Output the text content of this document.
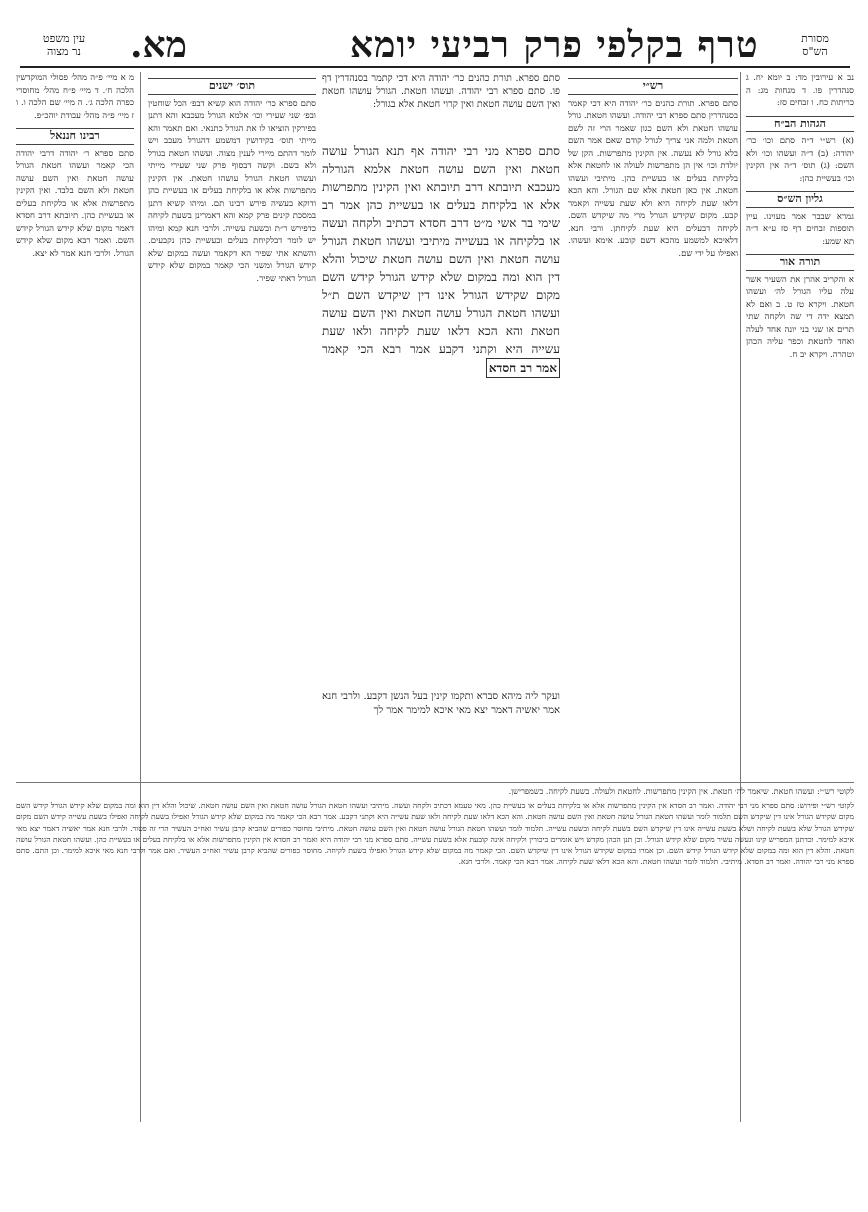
עין משפט
נר מצוה	מא.	טרף בקלפי פרק רביעי יומא	מסורת
הש"ס

מ א מיי׳ פ״ה מהל׳ פסולי המוקדשין הלכה ח׳. ד מיי׳ פ״ח מהל׳ מחוסרי כפרה הלכה ג׳. ה מיי׳ שם הלכה ו. ו ז מיי׳ פ״ה מהל׳ עבודת יוהכ״פ.

רבינו חננאל

סתם ספרא ר׳ יהודה דרבי יהודה הכי קאמר ועשהו חטאת הגורל עושה חטאת ואין השם עושה חטאת ולא השם בלבד. ואין הקינין מתפרשות אלא או בלקיחת בעלים או בעשיית כהן. תיובתא דרב חסדא דאמר מקום שלא קידש הגורל קידש השם. ואמר רבא מקום שלא קידש הגורל. ולרבי חנא אמר לא יצא.

תוס׳ ישנים

סתם ספרא כר׳ יהודה הוא קשיא דבפ׳ הכל שוחטין ובפ׳ שני שעירי וכו׳ אלמא הגורל מעכבא והא דתנן בפירקין הוציאו לו את הגורל כתנאי. ואם תאמר והא מייתי תוס׳ בקידושין דמשמע דהגורל מעכב ויש לומר דהתם מיירי לענין מצוה. ועשהו חטאת בגורל ולא בשם. וקשה דבסוף פרק שני שעירי מייתי ועשהו חטאת הגורל עושהו חטאת. אין הקינין מתפרשות אלא או בלקיחת בעלים או בעשיית כהן ודוקא בעשיה פירש רבינו תם. ומיהו קשיא דתנן במסכת קינים פרק קמא והא דאמרינן בשעת לקיחה כדפירש ר״ת ובשעת עשייה. ולרבי חנא קמא ומיהו יש לומר דבלקיחת בעלים ובעשיית כהן נקבעים. והשתא אתי שפיר הא דקאמר ועשה במקום שלא קידש הגורל ומשני הכי קאמר במקום שלא קידש הגורל דאתי שפיר.

סתם ספרא. תורת כהנים כר׳ יהודה היא דכי קתמר בסנהדרין דף פו. סתם ספרא רבי יהודה. ועשהו חטאת. הגורל עושהו חטאת ואין השם עושה חטאת ואין קרוי חטאת אלא בגורל:

סתם ספרא מני רבי יהודה אף תנא הגורל עושה חטאת ואין השם עושה חטאת אלמא הגורלה מעכבא תיובתא דרב תיובתא ואין הקינין מתפרשות אלא או בלקיחת בעלים או בעשיית כהן אמר רב שימי בר אשי מ״ט דרב חסדא דכתיב ולקחה ועשה או בלקיחה או בעשייה מיתיבי ועשהו חטאת הגורל עושה חטאת ואין השם עושה חטאת שיכול והלא דין הוא ומה במקום שלא קידש הגורל קידש השם מקום שקידש הגורל אינו דין שיקדש השם ת״ל ועשהו חטאת הגורל עושה חטאת ואין השם עושה חטאת והא הכא דלאו שעת לקיחה ולאו שעת עשייה היא וקתני דקבע אמר רבא הכי קאמר אמר רב חסדא

ועקר ליה מיהא סברא ותקמו קינין בעל הנשן דקבע. ולרבי חנא אמר יאשיה דאמר יצא מאי איכא למימר אמר לך
רש״י

סתם ספרא. תורת כהנים כר׳ יהודה היא דכי קאמר בסנהדרין סתם ספרא רבי יהודה. ועשהו חטאת. גורל עושהו חטאת ולא השם כגון שאמר הרי זה לשם חטאת ולמה אני צריך לגורל קודם שאם אמר השם בלא גורל לא נעשה. אין הקינין מתפרשות. הקן של יולדת וכו׳ אין הן מתפרשות לעולה או לחטאת אלא בלקיחת בעלים או בעשיית כהן. מיתיבי ועשהו חטאת. אין כאן חטאת אלא שם הגורל. והא הכא דלאו שעת לקיחה היא ולא שעת עשייה וקאמר קבע. מקום שקידש הגורל מרי מה שיקדש השם. לקיחה דבעלים היא שעת לקיחתן. ורבי חנא. דלאיכא למשמע מהכא דשם קובע. אימא ועשהו. ואפילו על ידי שם.

נב א עירובין מד: ב יומא יח. ג סנהדרין פו. ד מנחות מג: ה כריתות כח. ו זבחים סז:

הגהות הב״ח

(א) רש״י ד״ה סתם וכו׳ כר׳ יהודה: (ב) ד״ה ועשהו וכו׳ ולא השם: (ג) תוס׳ ד״ה אין הקינין וכו׳ בעשיית כהן:

גליון הש״ס

גמרא שבבר אמר מעוינו. עיין תוספות זבחים דף סז ע״א ד״ה תא שמע:

תורה אור

א והקריב אהרן את השעיר אשר עלה עליו הגורל לה׳ ועשהו חטאת. ויקרא טז ט. ב ואם לא תמצא ידה די שה ולקחה שתי תרים או שני בני יונה אחד לעלה ואחד לחטאת וכפר עליה הכהן וטהרה. ויקרא יב ח.

לקוטי רש״י: ועשהו חטאת. שיאמר לה׳ חטאת. אין הקינין מתפרשות. לחטאת ולעולה. בשעת לקיחה. כשמפרישן.
לקוטי רש״י ופירוש: סתם ספרא מני רבי יהודה. ואמר רב חסדא אין הקינין מתפרשות אלא או בלקיחת בעלים או בעשיית כהן. מאי טעמא דכתיב ולקחה ועשה. מיתיבי ועשהו חטאת הגורל עושה חטאת ואין השם עושה חטאת. שיכול והלא דין הוא ומה במקום שלא קידש הגורל קידש השם מקום שקידש הגורל אינו דין שיקדש השם תלמוד לומר ועשהו חטאת הגורל עושה חטאת ואין השם עושה חטאת. והא הכא דלאו שעת לקיחה ולאו שעת עשייה היא וקתני דקבע. אמר רבא הכי קאמר מה במקום שלא קידש הגורל ואפילו בשעת לקיחה ואפילו בשעת עשייה קידש השם מקום שקידש הגורל שלא בשעת לקיחה ושלא בשעת עשייה אינו דין שיקדש השם בשעת לקיחה ובשעת עשייה. תלמוד לומר ועשהו חטאת הגורל עושה חטאת ואין השם עושה חטאת. מיתיבי מחוסר כפורים שהביא קרבן עשיר ואח״כ העשיר הרי זה פטור. ולרבי חנא אמר יאשיה דאמר יצא מאי איכא למימר. וכדתנן המפריש קינו ונעשה עשיר מקום שלא קידש הגורל. וכן תנן הכהן מקדש ויש אומרים ביכורין ולקיחה אינה קובעת אלא בשעת עשייה. סתם ספרא מני רבי יהודה היא ואמר רב חסדא אין הקינין מתפרשות אלא או בלקיחת בעלים או בעשיית כהן. ועשהו חטאת הגורל עושה חטאת. והלא דין הוא ומה במקום שלא קידש הגורל קידש השם. וכן אמרו במקום שקידש הגורל אינו דין שיקדש השם. הכי קאמר מה במקום שלא קידש הגורל ואפילו בשעת לקיחה. מחוסר כפורים שהביא קרבן עשיר ואח״כ העשיר. ואם אמר ולרבי חנא מאי איכא למימר. וכן התם. סתם ספרא מני רבי יהודה. ואמר רב חסדא. מיתיבי. תלמוד לומר ועשהו חטאת. והא הכא דלאו שעת לקיחה. אמר רבא הכי קאמר. ולרבי חנא.
